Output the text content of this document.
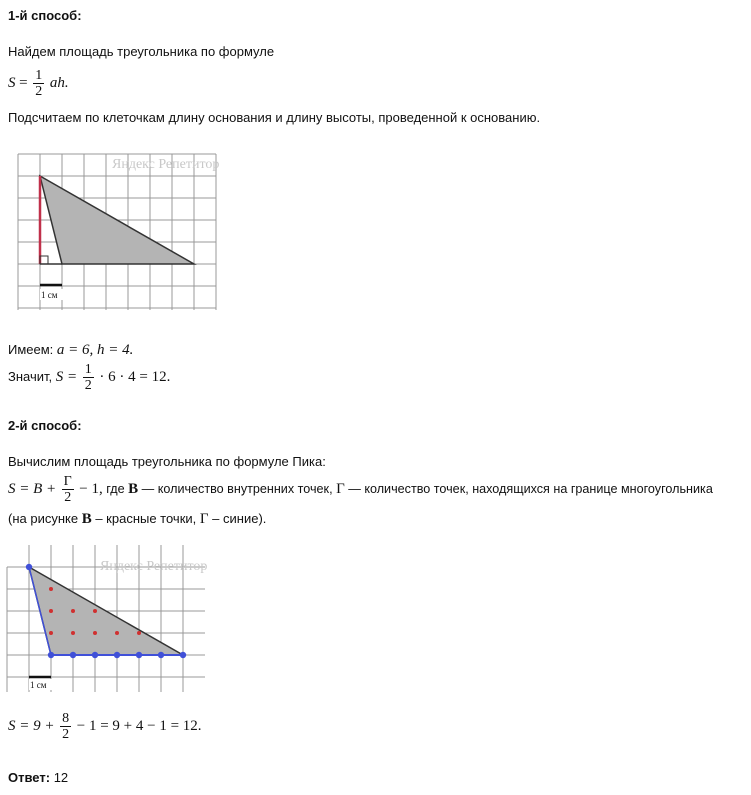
1-й способ:
Найдем площадь треугольника по формуле
$S = \frac{1}{2}$ ah.
Подсчитаем по клеточкам длину основания и длину высоты, проведенной к основанию.
Яндекс Репетитор
1 см
Имеем: a = 6, h = 4.
Значит, $S = \frac{1}{2} \cdot 6 \cdot 4 = 12$.
2-й способ:
Вычислим площадь треугольника по формуле Пика:
$S = В + \frac{Г}{2} - 1$, где В — количество внутренних точек, Г — количество точек, находящихся на границе многоугольника
(на рисунке В – красные точки, Г – синие).
Яндекс Репетитор
1 см
$S = 9 + \frac{8}{2} - 1 = 9 + 4 - 1 = 12$.
Ответ: 12
